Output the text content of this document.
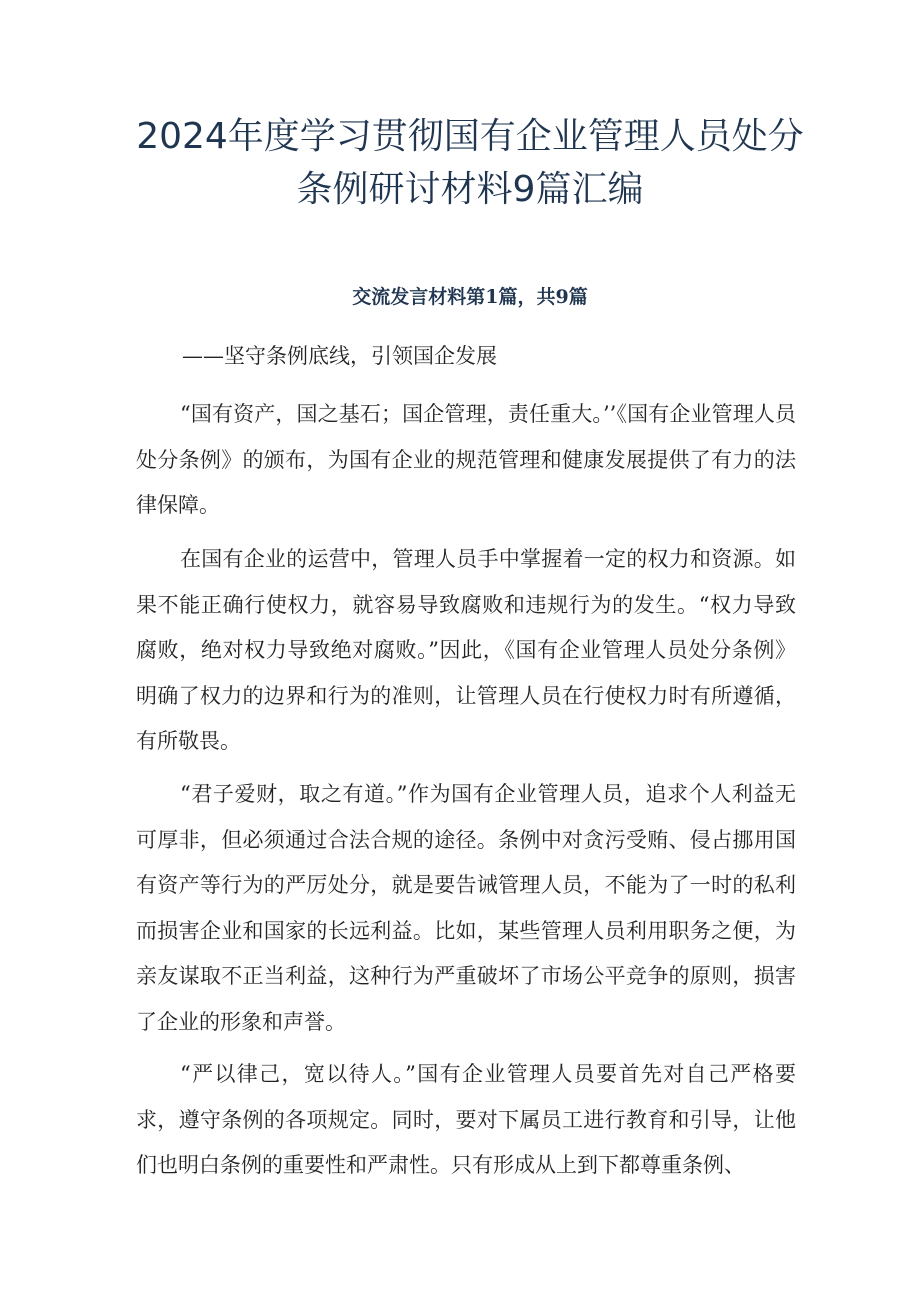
2024年度学习贯彻国有企业管理人员处分条例研讨材料9篇汇编
交流发言材料第1篇，共9篇

——坚守条例底线，引领国企发展

“国有资产，国之基石；国企管理，责任重大。’’《国有企业管理人员处分条例》的颁布，为国有企业的规范管理和健康发展提供了有力的法律保障。

在国有企业的运营中，管理人员手中掌握着一定的权力和资源。如果不能正确行使权力，就容易导致腐败和违规行为的发生。“权力导致腐败，绝对权力导致绝对腐败。”因此，《国有企业管理人员处分条例》明确了权力的边界和行为的准则，让管理人员在行使权力时有所遵循，有所敬畏。

“君子爱财，取之有道。”作为国有企业管理人员，追求个人利益无可厚非，但必须通过合法合规的途径。条例中对贪污受贿、侵占挪用国有资产等行为的严厉处分，就是要告诫管理人员，不能为了一时的私利而损害企业和国家的长远利益。比如，某些管理人员利用职务之便，为亲友谋取不正当利益，这种行为严重破坏了市场公平竞争的原则，损害了企业的形象和声誉。

“严以律己，宽以待人。”国有企业管理人员要首先对自己严格要求，遵守条例的各项规定。同时，要对下属员工进行教育和引导，让他们也明白条例的重要性和严肃性。只有形成从上到下都尊重条例、
